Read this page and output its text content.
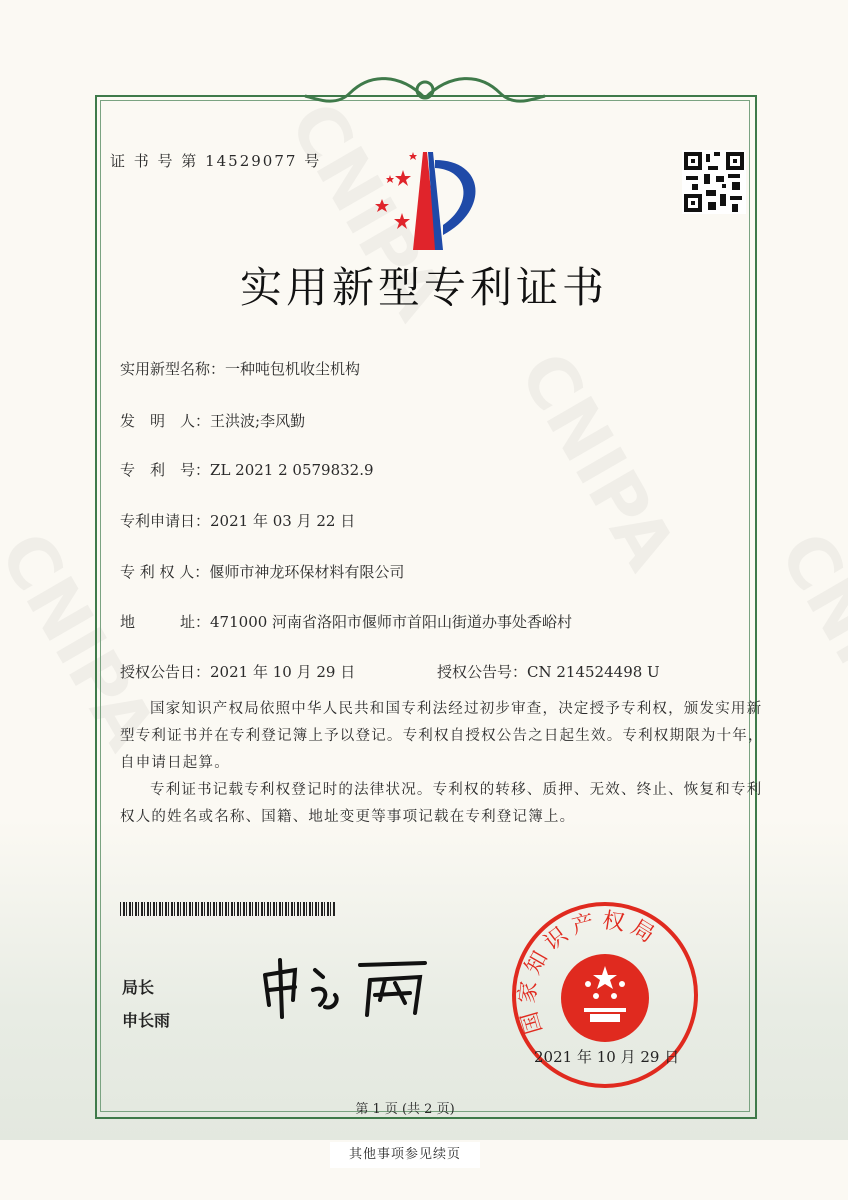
证 书 号 第 14529077 号
实用新型专利证书
实用新型名称：一种吨包机收尘机构
发　明　人：王洪波;李风勤
专　利　号：ZL 2021 2 0579832.9
专利申请日：2021 年 03 月 22 日
专 利 权 人：偃师市神龙环保材料有限公司
地　　　址：471000 河南省洛阳市偃师市首阳山街道办事处香峪村
授权公告日：2021 年 10 月 29 日	授权公告号：CN 214524498 U

国家知识产权局依照中华人民共和国专利法经过初步审查，决定授予专利权，颁发实用新型专利证书并在专利登记簿上予以登记。专利权自授权公告之日起生效。专利权期限为十年，自申请日起算。

专利证书记载专利权登记时的法律状况。专利权的转移、质押、无效、终止、恢复和专利权人的姓名或名称、国籍、地址变更等事项记载在专利登记簿上。

局长
申长雨	国家知识产权局
2021 年 10 月 29 日
第 1 页 (共 2 页)
其他事项参见续页
